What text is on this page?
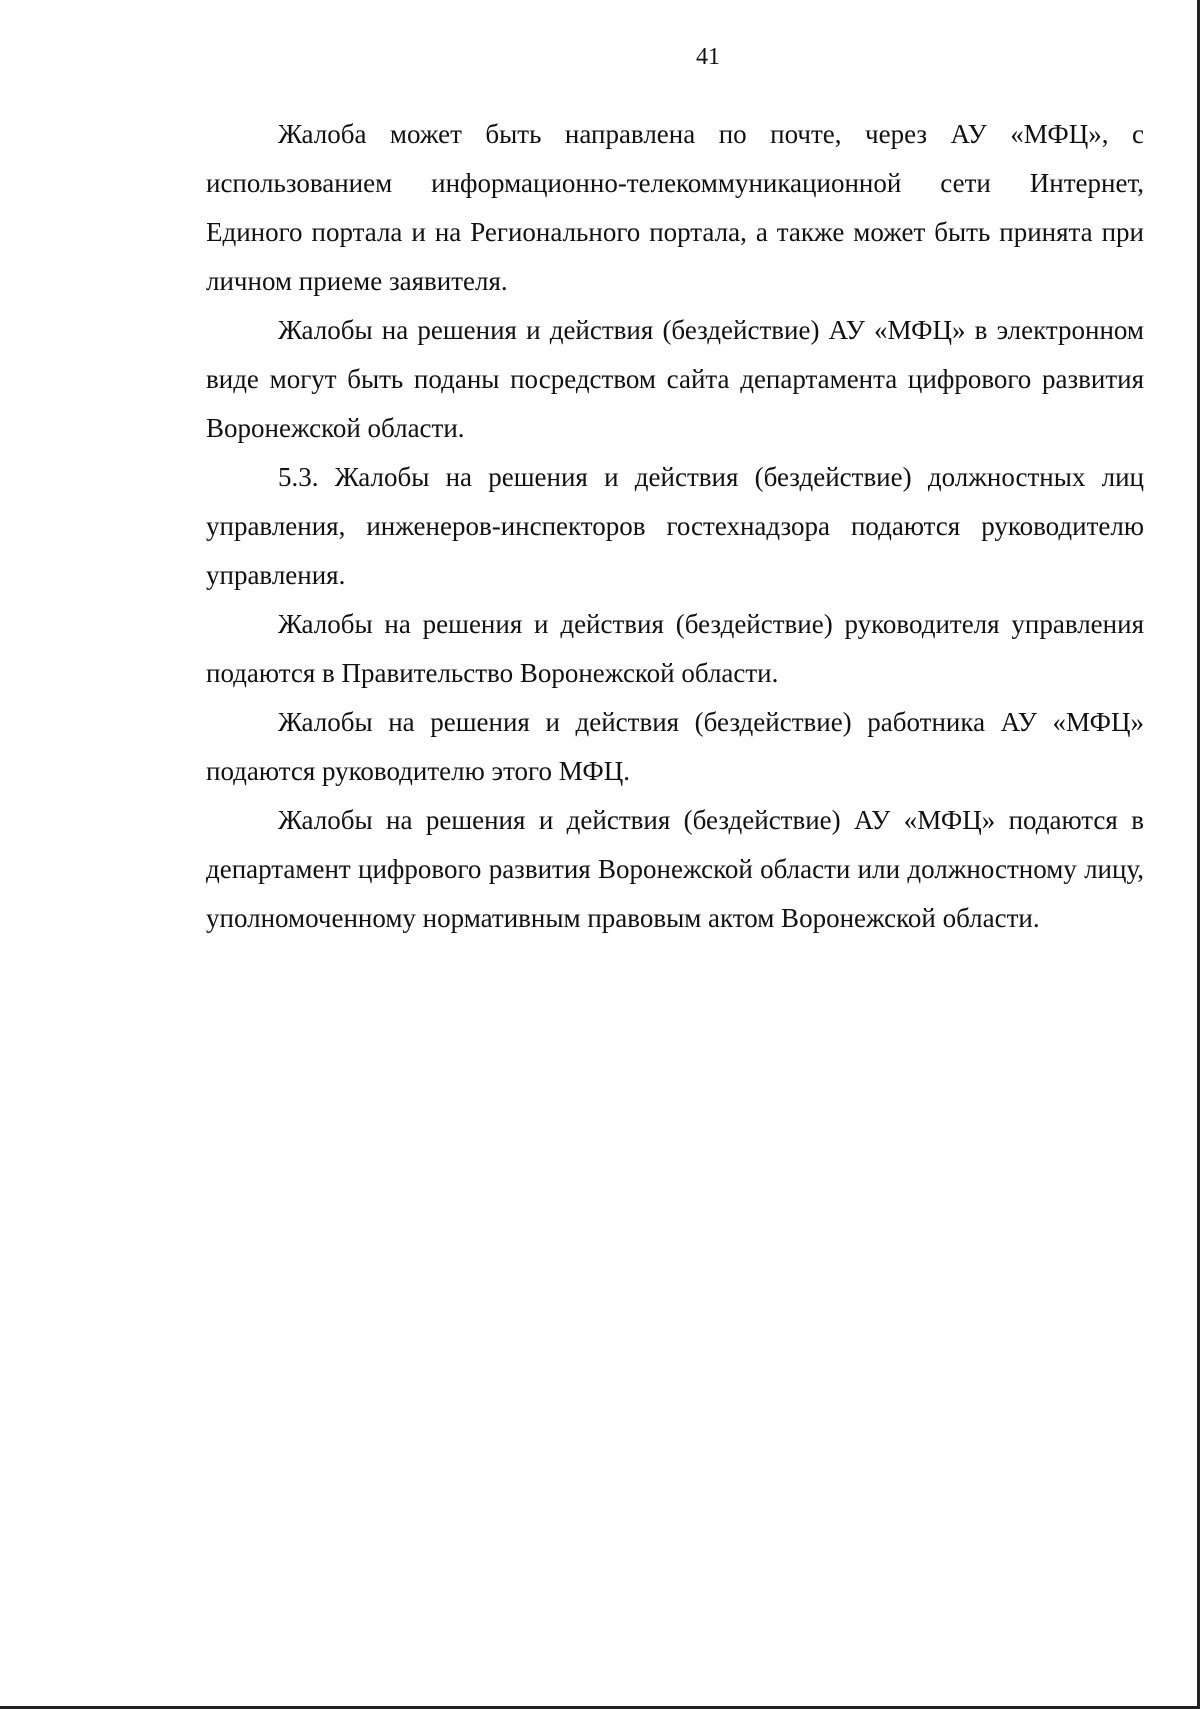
41

Жалоба может быть направлена по почте, через АУ «МФЦ», с использованием информационно-телекоммуникационной сети Интернет, Единого портала и на Регионального портала, а также может быть принята при личном приеме заявителя.

Жалобы на решения и действия (бездействие) АУ «МФЦ» в электронном виде могут быть поданы посредством сайта департамента цифрового развития Воронежской области.

5.3. Жалобы на решения и действия (бездействие) должностных лиц управления, инженеров-инспекторов гостехнадзора подаются руководителю управления.

Жалобы на решения и действия (бездействие) руководителя управления подаются в Правительство Воронежской области.

Жалобы на решения и действия (бездействие) работника АУ «МФЦ» подаются руководителю этого МФЦ.

Жалобы на решения и действия (бездействие) АУ «МФЦ» подаются в департамент цифрового развития Воронежской области или должностному лицу, уполномоченному нормативным правовым актом Воронежской области.
